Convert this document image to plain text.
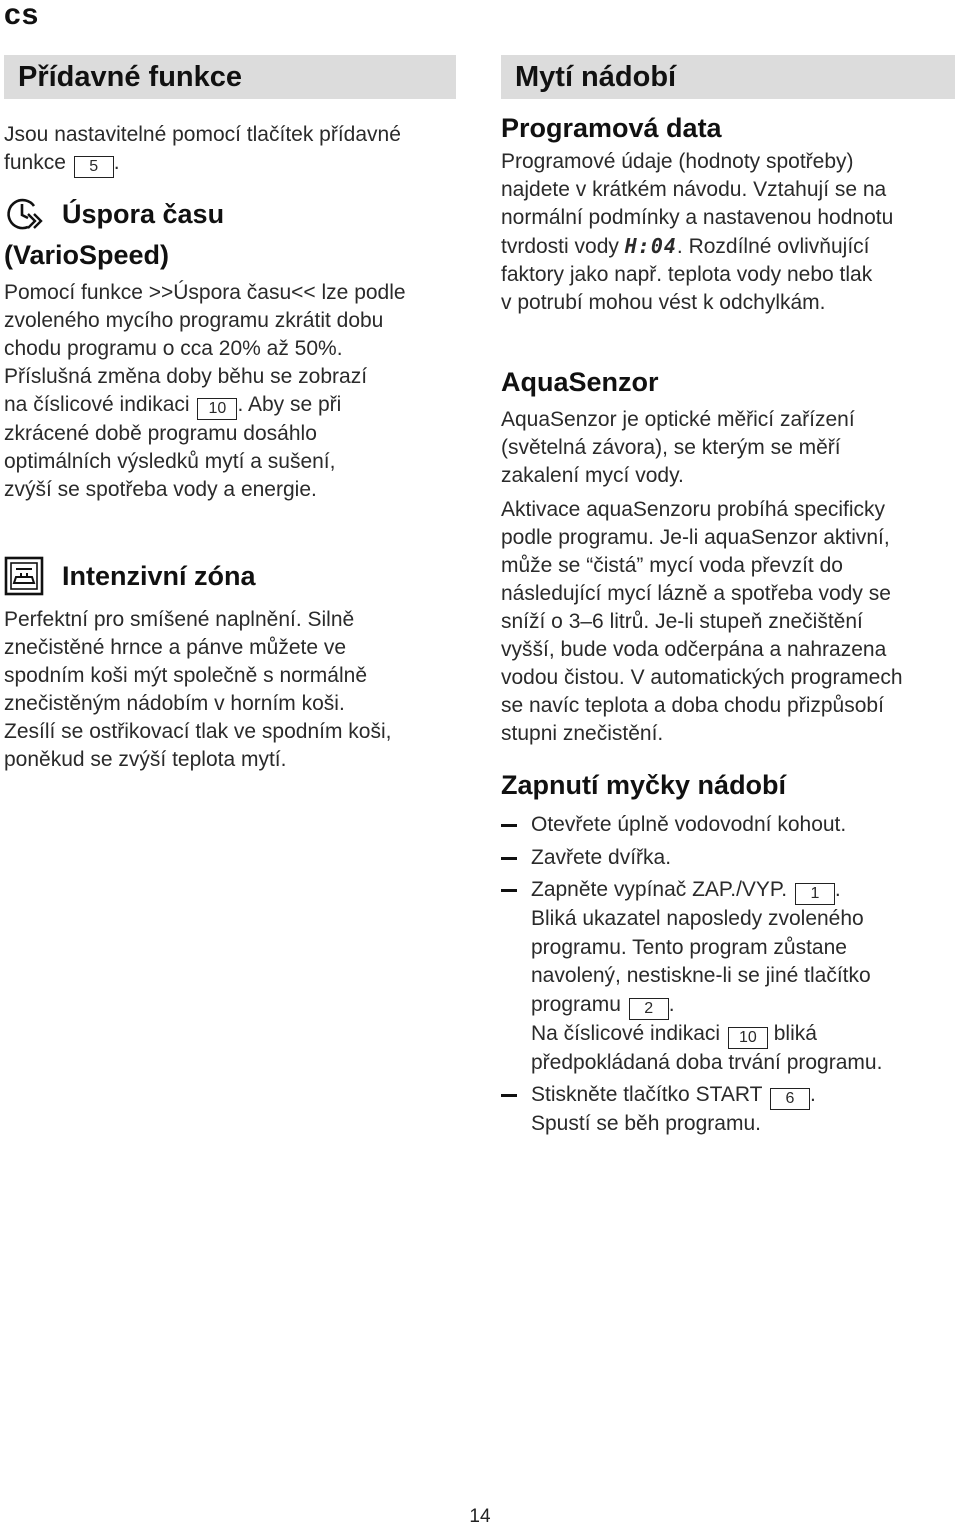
cs
Přídavné funkce

Jsou nastavitelné pomocí tlačítek přídavné
funkce 5 .

Úspora času
(VarioSpeed)

Pomocí funkce >>Úspora času<< lze podle
zvoleného mycího programu zkrátit dobu
chodu programu o cca 20% až 50%.
Příslušná změna doby běhu se zobrazí
na číslicové indikaci 10 . Aby se při
zkrácené době programu dosáhlo
optimálních výsledků mytí a sušení,
zvýší se spotřeba vody a energie.

Intenzivní zóna

Perfektní pro smíšené naplnění. Silně
znečistěné hrnce a pánve můžete ve
spodním koši mýt společně s normálně
znečistěným nádobím v horním koši.
Zesílí se ostřikovací tlak ve spodním koši,
poněkud se zvýší teplota mytí.

Mytí nádobí
Programová data

Programové údaje (hodnoty spotřeby)
najdete v krátkém návodu. Vztahují se na
normální podmínky a nastavenou hodnotu
tvrdosti vody H:04. Rozdílné ovlivňující
faktory jako např. teplota vody nebo tlak
v potrubí mohou vést k odchylkám.

AquaSenzor

AquaSenzor je optické měřicí zařízení
(světelná závora), se kterým se měří
zakalení mycí vody.

Aktivace aquaSenzoru probíhá specificky
podle programu. Je-li aquaSenzor aktivní,
může se “čistá” mycí voda převzít do
následující mycí lázně a spotřeba vody se
sníží o 3–6 litrů. Je-li stupeň znečištění
vyšší, bude voda odčerpána a nahrazena
vodou čistou. V automatických programech
se navíc teplota a doba chodu přizpůsobí
stupni znečistění.

Zapnutí myčky nádobí
Otevřete úplně vodovodní kohout.
Zavřete dvířka.
Zapněte vypínač ZAP./VYP. 1 .
Bliká ukazatel naposledy zvoleného
programu. Tento program zůstane
navolený, nestiskne-li se jiné tlačítko
programu 2 .
Na číslicové indikaci 10 bliká
předpokládaná doba trvání programu.
Stiskněte tlačítko START 6 .
Spustí se běh programu.
14
